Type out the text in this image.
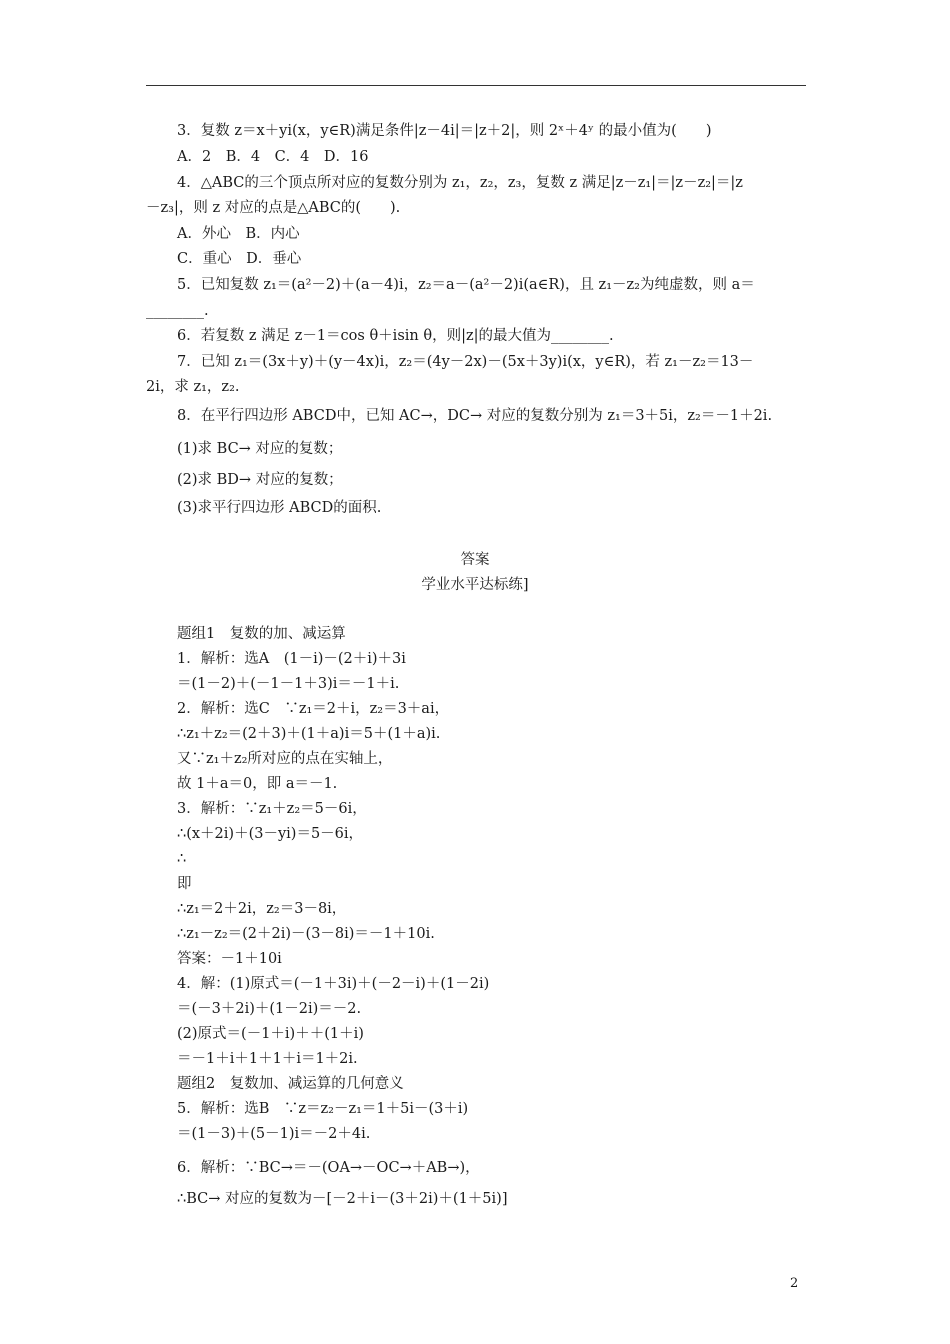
3．复数 z＝x＋yi(x，y∈R)满足条件|z－4i|＝|z＋2|，则 2ˣ＋4ʸ 的最小值为(　　)
A．2　B．4　C．4　D．16
4．△ABC的三个顶点所对应的复数分别为 z₁，z₂，z₃，复数 z 满足|z－z₁|＝|z－z₂|＝|z
－z₃|，则 z 对应的点是△ABC的(　　).
A．外心　B．内心
C．重心　D．垂心
5．已知复数 z₁＝(a²－2)＋(a－4)i，z₂＝a－(a²－2)i(a∈R)，且 z₁－z₂为纯虚数，则 a＝
________.
6．若复数 z 满足 z－1＝cos θ＋isin θ，则|z|的最大值为________.
7．已知 z₁＝(3x＋y)＋(y－4x)i，z₂＝(4y－2x)－(5x＋3y)i(x，y∈R)，若 z₁－z₂＝13－
2i，求 z₁，z₂.
8．在平行四边形 ABCD中，已知 AC→，DC→ 对应的复数分别为 z₁＝3＋5i，z₂＝－1＋2i.
(1)求 BC→ 对应的复数；
(2)求 BD→ 对应的复数；
(3)求平行四边形 ABCD的面积.
答案
学业水平达标练]
题组1　复数的加、减运算
1．解析：选A　(1－i)－(2＋i)＋3i
＝(1－2)＋(－1－1＋3)i＝－1＋i.
2．解析：选C　∵z₁＝2＋i，z₂＝3＋ai，
∴z₁＋z₂＝(2＋3)＋(1＋a)i＝5＋(1＋a)i.
又∵z₁＋z₂所对应的点在实轴上，
故 1＋a＝0，即 a＝－1.
3．解析：∵z₁＋z₂＝5－6i，
∴(x＋2i)＋(3－yi)＝5－6i，
∴
即
∴z₁＝2＋2i，z₂＝3－8i，
∴z₁－z₂＝(2＋2i)－(3－8i)＝－1＋10i.
答案：－1＋10i
4．解：(1)原式＝(－1＋3i)＋(－2－i)＋(1－2i)
＝(－3＋2i)＋(1－2i)＝－2.
(2)原式＝(－1＋i)＋＋(1＋i)
＝－1＋i＋1＋1＋i＝1＋2i.
题组2　复数加、减运算的几何意义
5．解析：选B　∵z＝z₂－z₁＝1＋5i－(3＋i)
＝(1－3)＋(5－1)i＝－2＋4i.
6．解析：∵BC→＝－(OA→－OC→＋AB→)，
∴BC→ 对应的复数为－[－2＋i－(3＋2i)＋(1＋5i)]
2
